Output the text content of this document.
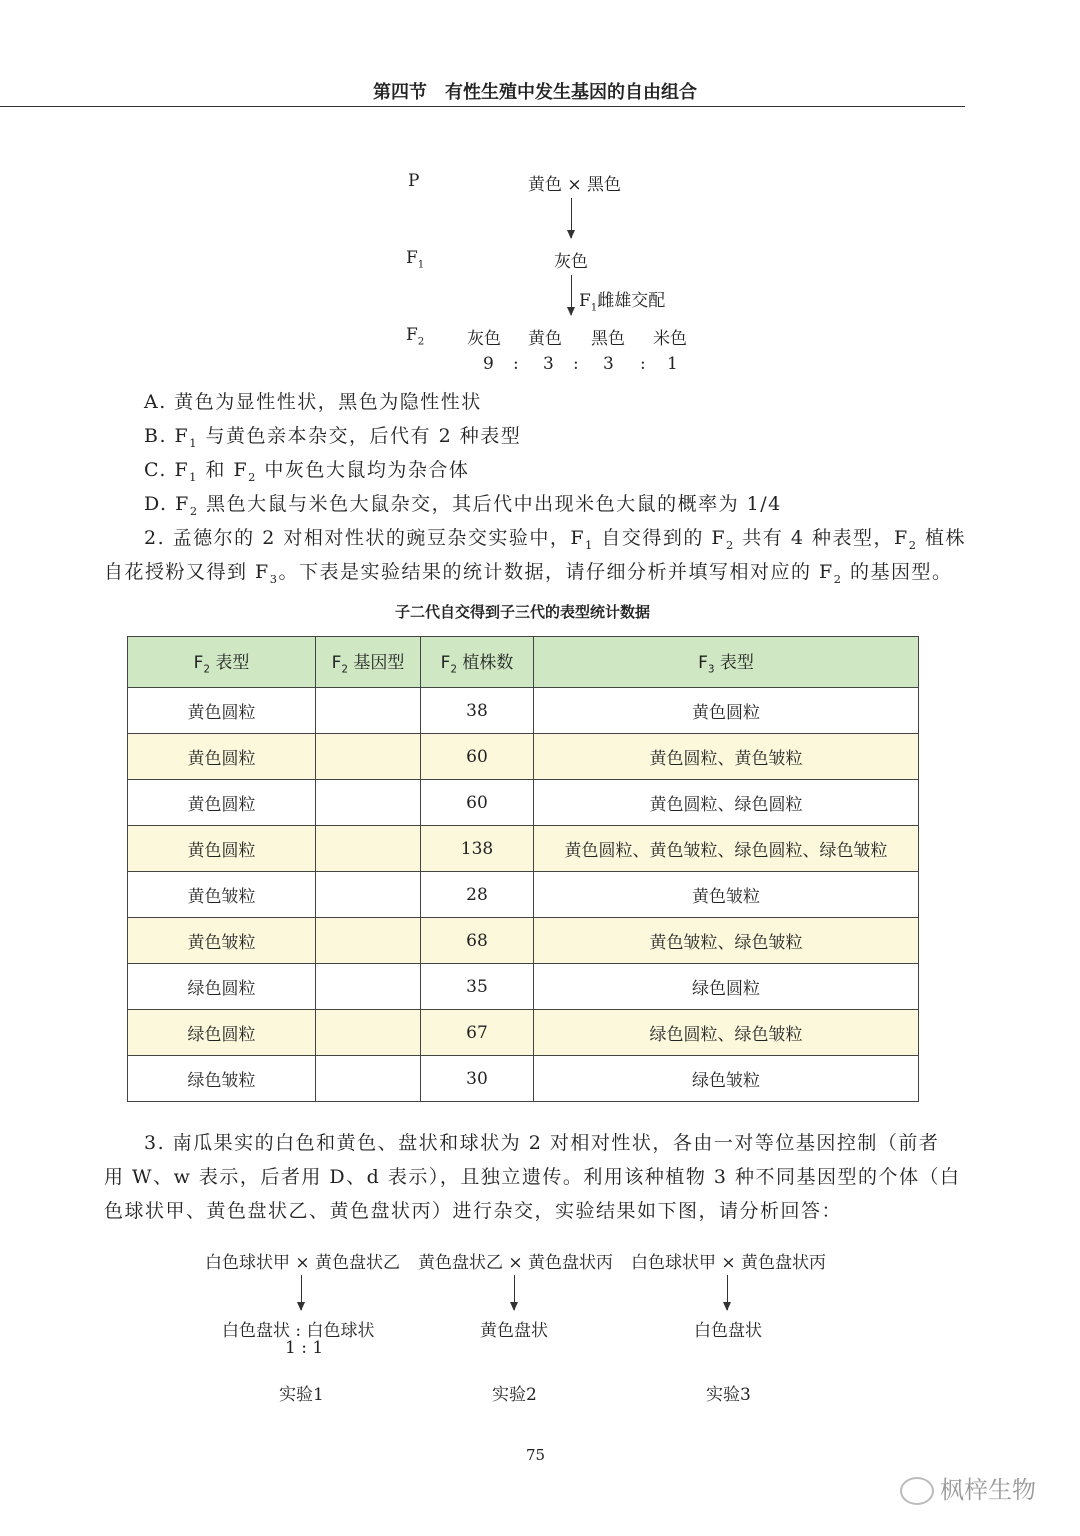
第四节　有性生殖中发生基因的自由组合
P	黄色 × 黑色
$F_1$	灰色
$F_1$雌雄交配
$F_2$	灰色 黄色 黑色 米色
9 : 3 : 3 : 1
A. 黄色为显性性状，黑色为隐性性状
B. $F_1$ 与黄色亲本杂交，后代有 2 种表型
C. $F_1$ 和 $F_2$ 中灰色大鼠均为杂合体
D. $F_2$ 黑色大鼠与米色大鼠杂交，其后代中出现米色大鼠的概率为 1/4
2. 孟德尔的 2 对相对性状的豌豆杂交实验中，$F_1$ 自交得到的 $F_2$ 共有 4 种表型，$F_2$ 植株
自花授粉又得到 $F_3$。下表是实验结果的统计数据，请仔细分析并填写相对应的 $F_2$ 的基因型。
子二代自交得到子三代的表型统计数据
$F_2$ 表型	$F_2$ 基因型	$F_2$ 植株数	$F_3$ 表型
黄色圆粒		38	黄色圆粒
黄色圆粒		60	黄色圆粒、黄色皱粒
黄色圆粒		60	黄色圆粒、绿色圆粒
黄色圆粒		138	黄色圆粒、黄色皱粒、绿色圆粒、绿色皱粒
黄色皱粒		28	黄色皱粒
黄色皱粒		68	黄色皱粒、绿色皱粒
绿色圆粒		35	绿色圆粒
绿色圆粒		67	绿色圆粒、绿色皱粒
绿色皱粒		30	绿色皱粒
3. 南瓜果实的白色和黄色、盘状和球状为 2 对相对性状，各由一对等位基因控制（前者
用 W、w 表示，后者用 D、d 表示），且独立遗传。利用该种植物 3 种不同基因型的个体（白
色球状甲、黄色盘状乙、黄色盘状丙）进行杂交，实验结果如下图，请分析回答：
白色球状甲 × 黄色盘状乙 黄色盘状乙 × 黄色盘状丙 白色球状甲 × 黄色盘状丙
白色盘状 : 白色球状
1 : 1
黄色盘状	白色盘状
实验1	实验2	实验3
75
枫梓生物
